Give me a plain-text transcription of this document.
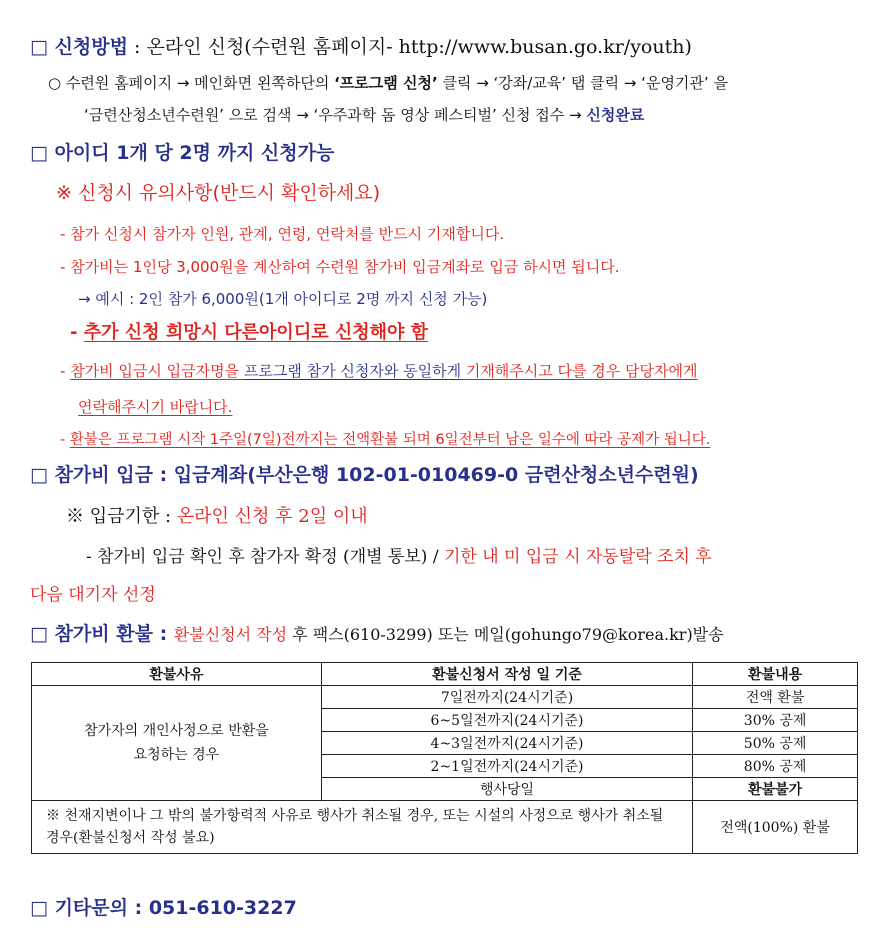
□ 신청방법 : 온라인 신청(수련원 홈페이지- http://www.busan.go.kr/youth)
○ 수련원 홈페이지 → 메인화면 왼쪽하단의 ‘프로그램 신청’ 클릭 → ‘강좌/교육’ 탭 클릭 → ‘운영기관’ 을
‘금련산청소년수련원’ 으로 검색 → ‘우주과학 돔 영상 페스티벌’ 신청 접수 → 신청완료
□ 아이디 1개 당 2명 까지 신청가능
※ 신청시 유의사항(반드시 확인하세요)
- 참가 신청시 참가자 인원, 관계, 연령, 연락처를 반드시 기재합니다.
- 참가비는 1인당 3,000원을 계산하여 수련원 참가비 입금계좌로 입금 하시면 됩니다.
→ 예시 : 2인 참가 6,000원(1개 아이디로 2명 까지 신청 가능)
- 추가 신청 희망시 다른아이디로 신청해야 함
- 참가비 입금시 입금자명을 프로그램 참가 신청자와 동일하게 기재해주시고 다를 경우 담당자에게
연락해주시기 바랍니다.
- 환불은 프로그램 시작 1주일(7일)전까지는 전액환불 되며 6일전부터 남은 일수에 따라 공제가 됩니다.
□ 참가비 입금 : 입금계좌(부산은행 102-01-010469-0 금련산청소년수련원)
※ 입금기한 : 온라인 신청 후 2일 이내
- 참가비 입금 확인 후 참가자 확정 (개별 통보) / 기한 내 미 입금 시 자동탈락 조치 후
다음 대기자 선정
□ 참가비 환불 : 환불신청서 작성 후 팩스(610-3299) 또는 메일(gohungo79@korea.kr)발송
환불사유	환불신청서 작성 일 기준	환불내용

참가자의 개인사정으로 반환을 요청하는 경우	7일전까지(24시기준)	전액 환불
	6~5일전까지(24시기준)	30% 공제
	4~3일전까지(24시기준)	50% 공제
	2~1일전까지(24시기준)	80% 공제
	행사당일	환불불가
※ 천재지변이나 그 밖의 불가항력적 사유로 행사가 취소될 경우, 또는 시설의 사정으로 행사가 취소될 경우(환불신청서 작성 불요)		전액(100%) 환불
□ 기타문의 : 051-610-3227
